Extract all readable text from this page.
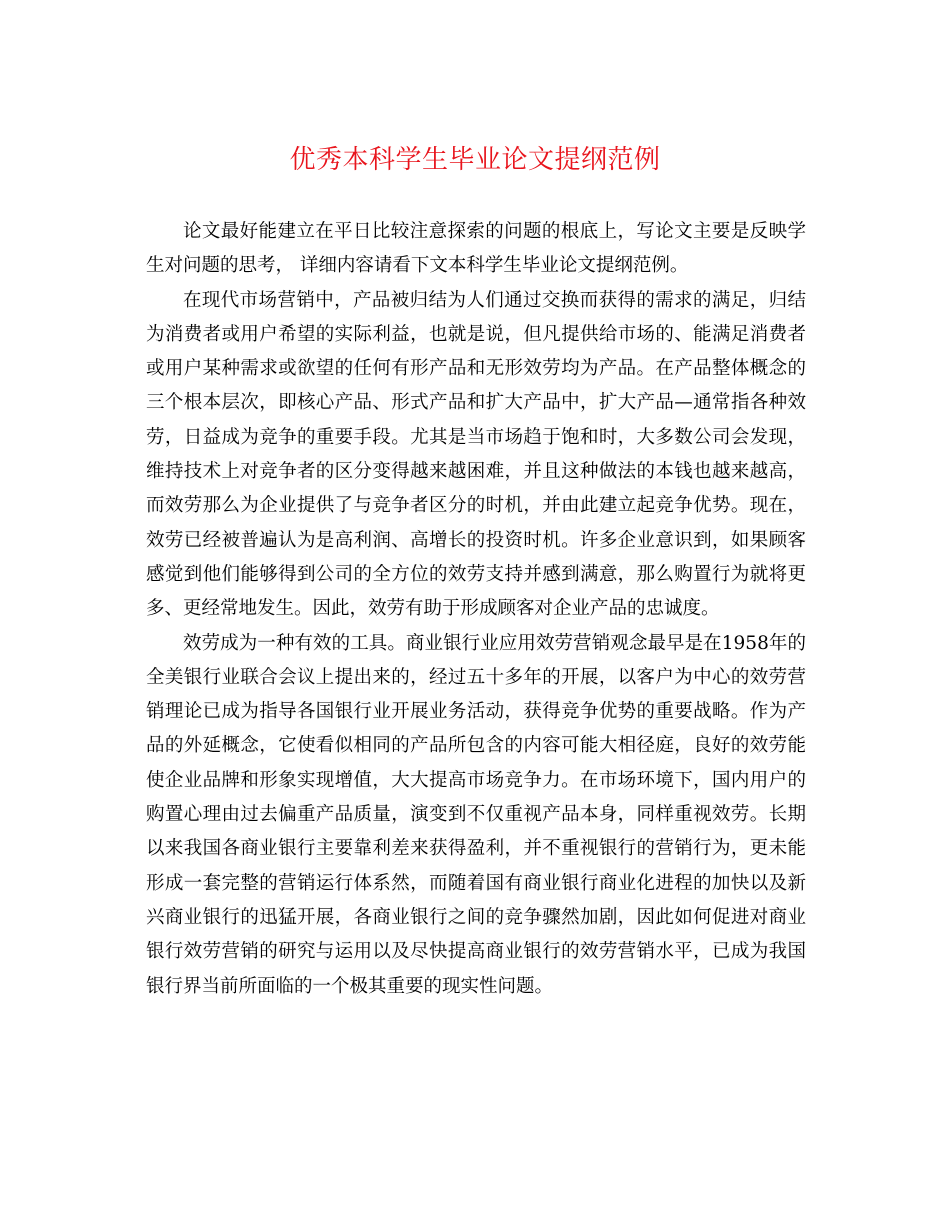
优秀本科学生毕业论文提纲范例

论文最好能建立在平日比较注意探索的问题的根底上，写论文主要是反映学生对问题的思考， 详细内容请看下文本科学生毕业论文提纲范例。

在现代市场营销中，产品被归结为人们通过交换而获得的需求的满足，归结为消费者或用户希望的实际利益，也就是说，但凡提供给市场的、能满足消费者或用户某种需求或欲望的任何有形产品和无形效劳均为产品。在产品整体概念的三个根本层次，即核心产品、形式产品和扩大产品中，扩大产品—通常指各种效劳，日益成为竞争的重要手段。尤其是当市场趋于饱和时，大多数公司会发现，维持技术上对竞争者的区分变得越来越困难，并且这种做法的本钱也越来越高，而效劳那么为企业提供了与竞争者区分的时机，并由此建立起竞争优势。现在，效劳已经被普遍认为是高利润、高增长的投资时机。许多企业意识到，如果顾客感觉到他们能够得到公司的全方位的效劳支持并感到满意，那么购置行为就将更多、更经常地发生。因此，效劳有助于形成顾客对企业产品的忠诚度。

效劳成为一种有效的工具。商业银行业应用效劳营销观念最早是在1958年的全美银行业联合会议上提出来的，经过五十多年的开展，以客户为中心的效劳营销理论已成为指导各国银行业开展业务活动，获得竞争优势的重要战略。作为产品的外延概念，它使看似相同的产品所包含的内容可能大相径庭，良好的效劳能使企业品牌和形象实现增值，大大提高市场竞争力。在市场环境下，国内用户的购置心理由过去偏重产品质量，演变到不仅重视产品本身，同样重视效劳。长期以来我国各商业银行主要靠利差来获得盈利，并不重视银行的营销行为，更未能形成一套完整的营销运行体系然，而随着国有商业银行商业化进程的加快以及新兴商业银行的迅猛开展，各商业银行之间的竞争骤然加剧，因此如何促进对商业银行效劳营销的研究与运用以及尽快提高商业银行的效劳营销水平，已成为我国银行界当前所面临的一个极其重要的现实性问题。
